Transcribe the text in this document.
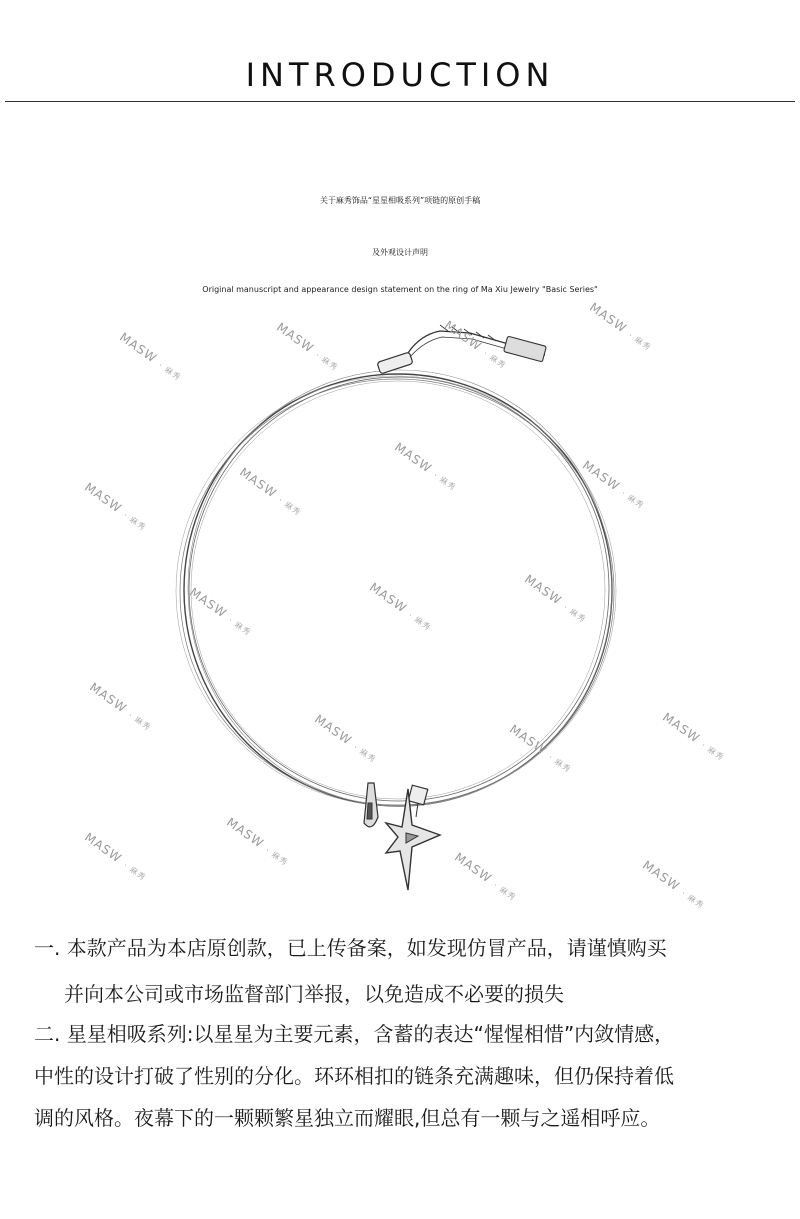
INTRODUCTION
关于麻秀饰品“星星相吸系列”项链的原创手稿
及外观设计声明
Original manuscript and appearance design statement on the ring of Ma Xiu Jewelry "Basic Series"
MASW· 麻秀
MASW· 麻秀
MASW· 麻秀
MASW· 麻秀
MASW· 麻秀
MASW· 麻秀
MASW· 麻秀	MASW· 麻秀
MASW· 麻秀
MASW· 麻秀
MASW· 麻秀
MASW· 麻秀	MASW· 麻秀	MASW· 麻秀
MASW· 麻秀
MASW· 麻秀
MASW· 麻秀	MASW· 麻秀	MASW· 麻秀
一. 本款产品为本店原创款，已上传备案，如发现仿冒产品，请谨慎购买
并向本公司或市场监督部门举报，以免造成不必要的损失
二. 星星相吸系列:以星星为主要元素，含蓄的表达“惺惺相惜”内敛情感，
中性的设计打破了性别的分化。环环相扣的链条充满趣味，但仍保持着低
调的风格。夜幕下的一颗颗繁星独立而耀眼,但总有一颗与之遥相呼应。
